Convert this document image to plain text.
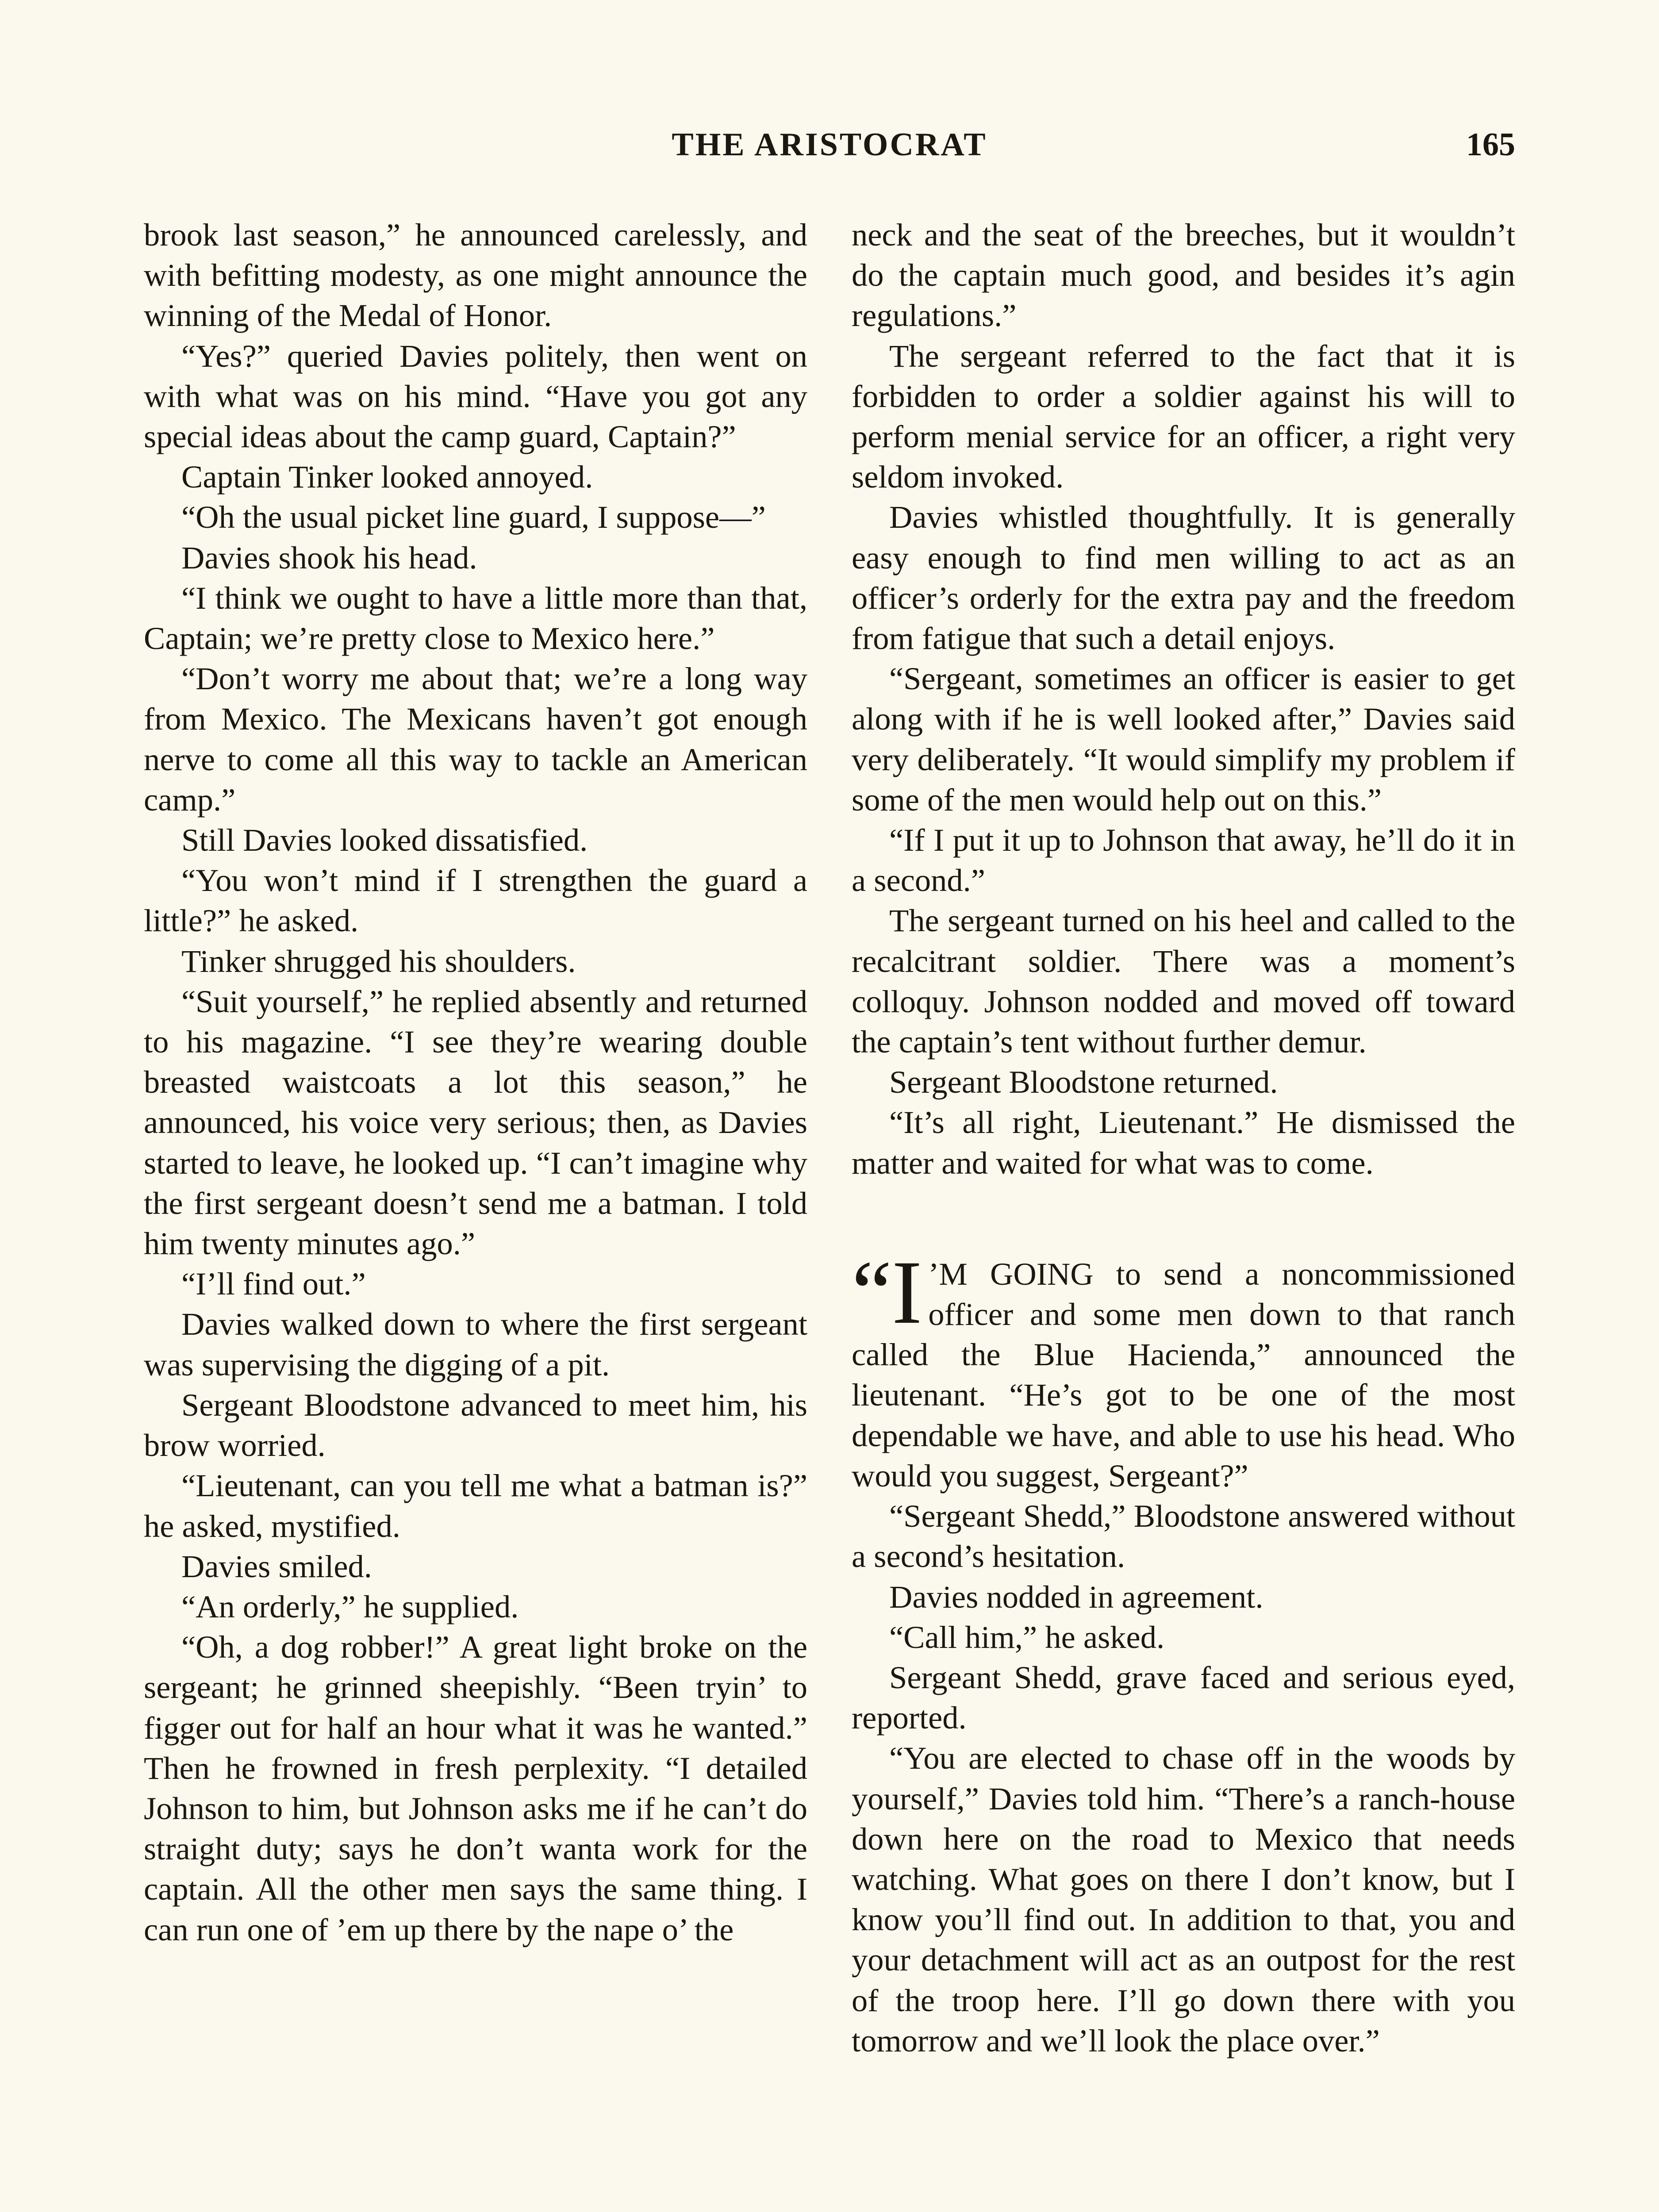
THE ARISTOCRAT	165

brook last season,” he announced carelessly, and with befitting modesty, as one might announce the winning of the Medal of Honor.

“Yes?” queried Davies politely, then went on with what was on his mind. “Have you got any special ideas about the camp guard, Captain?”

Captain Tinker looked annoyed.

“Oh the usual picket line guard, I suppose—”

Davies shook his head.

“I think we ought to have a little more than that, Captain; we’re pretty close to Mexico here.”

“Don’t worry me about that; we’re a long way from Mexico. The Mexicans haven’t got enough nerve to come all this way to tackle an American camp.”

Still Davies looked dissatisfied.

“You won’t mind if I strengthen the guard a little?” he asked.

Tinker shrugged his shoulders.

“Suit yourself,” he replied absently and returned to his magazine. “I see they’re wearing double breasted waistcoats a lot this season,” he announced, his voice very serious; then, as Davies started to leave, he looked up. “I can’t imagine why the first sergeant doesn’t send me a batman. I told him twenty minutes ago.”

“I’ll find out.”

Davies walked down to where the first sergeant was supervising the digging of a pit.

Sergeant Bloodstone advanced to meet him, his brow worried.

“Lieutenant, can you tell me what a batman is?” he asked, mystified.

Davies smiled.

“An orderly,” he supplied.

“Oh, a dog robber!” A great light broke on the sergeant; he grinned sheepishly. “Been tryin’ to figger out for half an hour what it was he wanted.” Then he frowned in fresh perplexity. “I detailed Johnson to him, but Johnson asks me if he can’t do straight duty; says he don’t wanta work for the captain. All the other men says the same thing. I can run one of ’em up there by the nape o’ the

neck and the seat of the breeches, but it wouldn’t do the captain much good, and besides it’s agin regulations.”

The sergeant referred to the fact that it is forbidden to order a soldier against his will to perform menial service for an officer, a right very seldom invoked.

Davies whistled thoughtfully. It is generally easy enough to find men willing to act as an officer’s orderly for the extra pay and the freedom from fatigue that such a detail enjoys.

“Sergeant, sometimes an officer is easier to get along with if he is well looked after,” Davies said very deliberately. “It would simplify my problem if some of the men would help out on this.”

“If I put it up to Johnson that away, he’ll do it in a second.”

The sergeant turned on his heel and called to the recalcitrant soldier. There was a moment’s colloquy. Johnson nodded and moved off toward the captain’s tent without further demur.

Sergeant Bloodstone returned.

“It’s all right, Lieutenant.” He dismissed the matter and waited for what was to come.

“I ’M GOING to send a noncommissioned officer and some men down to that ranch called the Blue Hacienda,” announced the lieutenant. “He’s got to be one of the most dependable we have, and able to use his head. Who would you suggest, Sergeant?”

“Sergeant Shedd,” Bloodstone answered without a second’s hesitation.

Davies nodded in agreement.

“Call him,” he asked.

Sergeant Shedd, grave faced and serious eyed, reported.

“You are elected to chase off in the woods by yourself,” Davies told him. “There’s a ranch-house down here on the road to Mexico that needs watching. What goes on there I don’t know, but I know you’ll find out. In addition to that, you and your detachment will act as an outpost for the rest of the troop here. I’ll go down there with you tomorrow and we’ll look the place over.”
